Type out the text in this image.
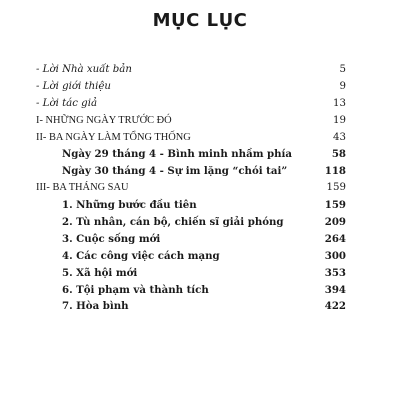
MỤC LỤC
- Lời Nhà xuất bản	5
- Lời giới thiệu	9
- Lời tác giả	13
I- NHỮNG NGÀY TRƯỚC ĐÓ	19
II- BA NGÀY LÀM TỔNG THỐNG	43
Ngày 29 tháng 4 - Bình minh nhầm phía	58
Ngày 30 tháng 4 - Sự im lặng “chói tai”	118
III- BA THÁNG SAU	159
1. Những bước đầu tiên	159
2. Tù nhân, cán bộ, chiến sĩ giải phóng	209
3. Cuộc sống mới	264
4. Các công việc cách mạng	300
5. Xã hội mới	353
6. Tội phạm và thành tích	394
7. Hòa bình	422
